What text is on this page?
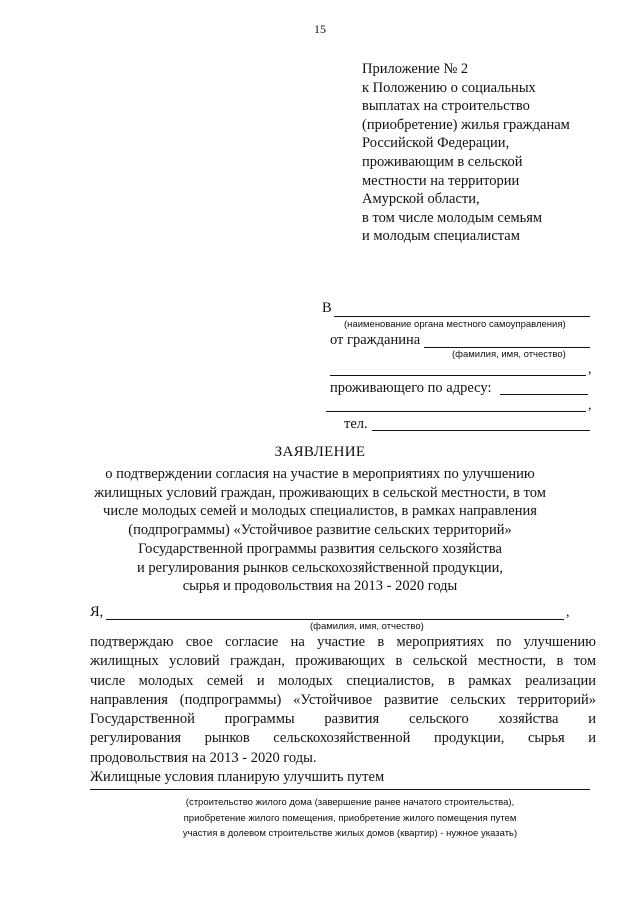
15
Приложение № 2
к Положению о социальных
выплатах на строительство
(приобретение) жилья гражданам
Российской Федерации,
проживающим в сельской
местности на территории
Амурской области,
в том числе молодым семьям
и молодым специалистам
В
(наименование органа местного самоуправления)
от гражданина
(фамилия, имя, отчество)
,
проживающего по адресу:
,
тел.
ЗАЯВЛЕНИЕ
о подтверждении согласия на участие в мероприятиях по улучшению
жилищных условий граждан, проживающих в сельской местности, в том
числе молодых семей и молодых специалистов, в рамках направления
(подпрограммы) «Устойчивое развитие сельских территорий»
Государственной программы развития сельского хозяйства
и регулирования рынков сельскохозяйственной продукции,
сырья и продовольствия на 2013 - 2020 годы
Я,	,
(фамилия, имя, отчество)
подтверждаю свое согласие на участие в мероприятиях по улучшению
жилищных условий граждан, проживающих в сельской местности, в том
числе молодых семей и молодых специалистов, в рамках реализации
направления (подпрограммы) «Устойчивое развитие сельских территорий»
Государственной программы развития сельского хозяйства и
регулирования рынков сельскохозяйственной продукции, сырья и
продовольствия на 2013 - 2020 годы.
Жилищные условия планирую улучшить путем
(строительство жилого дома (завершение ранее начатого строительства),
приобретение жилого помещения, приобретение жилого помещения путем
участия в долевом строительстве жилых домов (квартир) - нужное указать)
